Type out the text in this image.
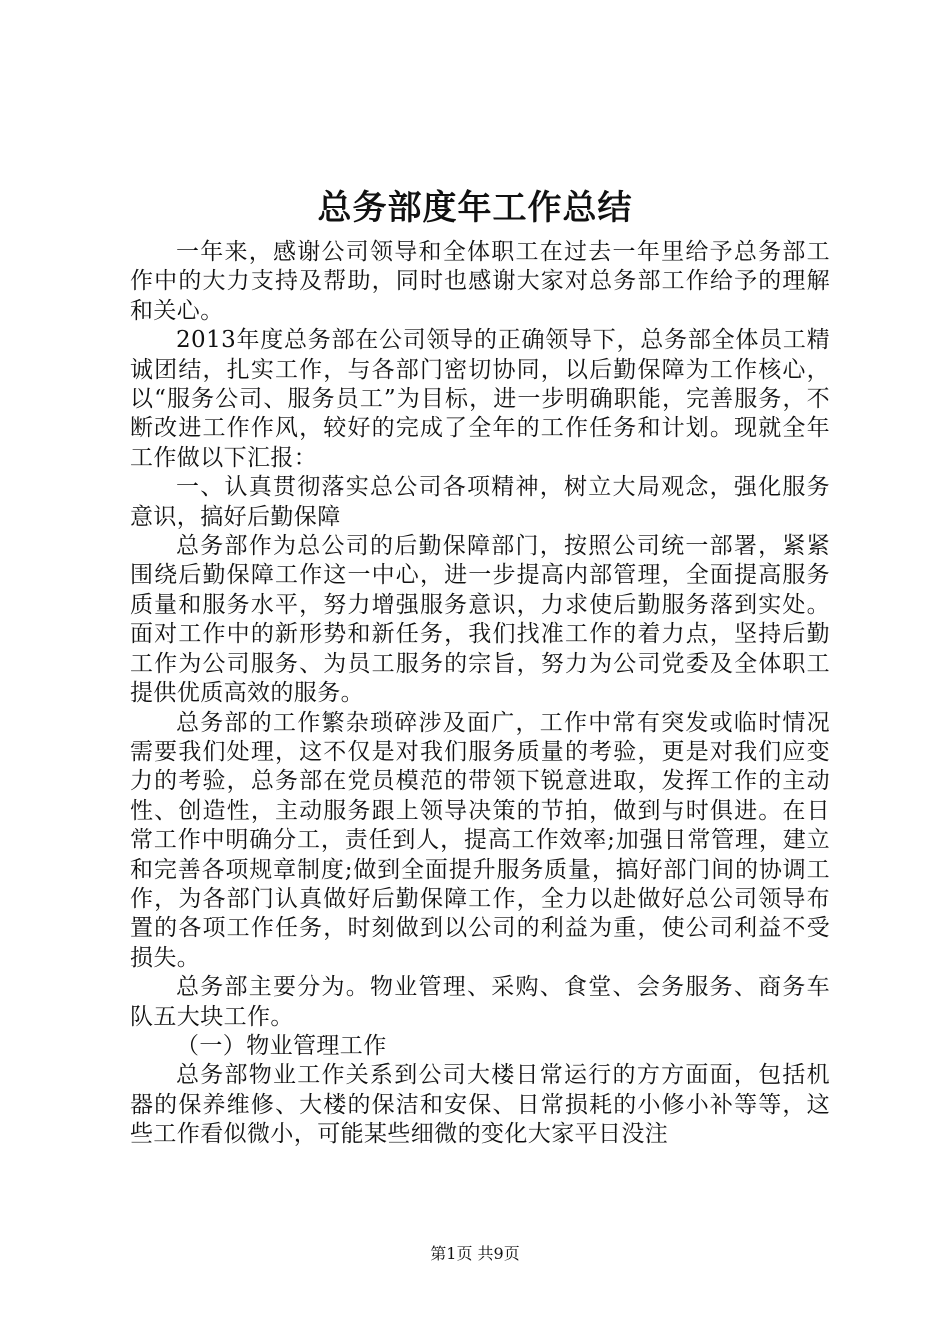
总务部度年工作总结

一年来，感谢公司领导和全体职工在过去一年里给予总务部工作中的大力支持及帮助，同时也感谢大家对总务部工作给予的理解和关心。

2013年度总务部在公司领导的正确领导下，总务部全体员工精诚团结，扎实工作，与各部门密切协同，以后勤保障为工作核心，以“服务公司、服务员工”为目标，进一步明确职能，完善服务，不断改进工作作风，较好的完成了全年的工作任务和计划。现就全年工作做以下汇报：

一、认真贯彻落实总公司各项精神，树立大局观念，强化服务意识，搞好后勤保障

总务部作为总公司的后勤保障部门，按照公司统一部署，紧紧围绕后勤保障工作这一中心，进一步提高内部管理，全面提高服务质量和服务水平，努力增强服务意识，力求使后勤服务落到实处。面对工作中的新形势和新任务，我们找准工作的着力点，坚持后勤工作为公司服务、为员工服务的宗旨，努力为公司党委及全体职工提供优质高效的服务。

总务部的工作繁杂琐碎涉及面广，工作中常有突发或临时情况需要我们处理，这不仅是对我们服务质量的考验，更是对我们应变力的考验，总务部在党员模范的带领下锐意进取，发挥工作的主动性、创造性，主动服务跟上领导决策的节拍，做到与时俱进。在日常工作中明确分工，责任到人，提高工作效率;加强日常管理，建立和完善各项规章制度;做到全面提升服务质量，搞好部门间的协调工作，为各部门认真做好后勤保障工作，全力以赴做好总公司领导布置的各项工作任务，时刻做到以公司的利益为重，使公司利益不受损失。

总务部主要分为。物业管理、采购、食堂、会务服务、商务车队五大块工作。

（一）物业管理工作

总务部物业工作关系到公司大楼日常运行的方方面面，包括机器的保养维修、大楼的保洁和安保、日常损耗的小修小补等等，这些工作看似微小，可能某些细微的变化大家平日没注

第1页 共9页
